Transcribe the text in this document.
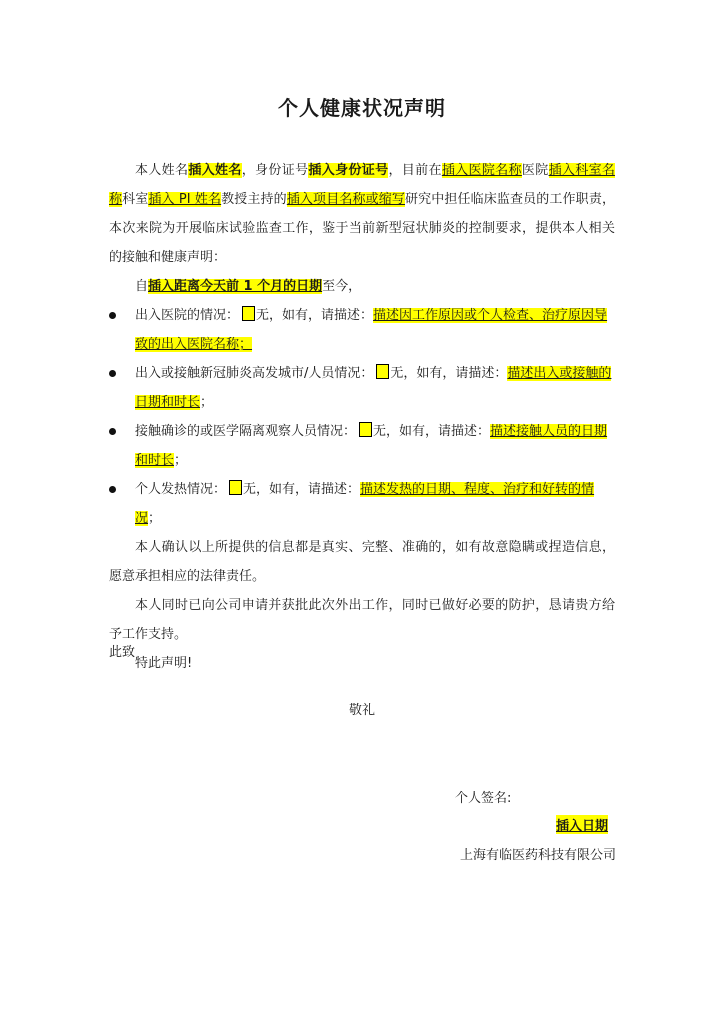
个人健康状况声明

本人姓名插入姓名，身份证号插入身份证号，目前在插入医院名称医院插入科室名称科室插入 PI 姓名教授主持的插入项目名称或缩写研究中担任临床监查员的工作职责，本次来院为开展临床试验监查工作，鉴于当前新型冠状肺炎的控制要求，提供本人相关的接触和健康声明：

自插入距离今天前 1 个月的日期至今，

出入医院的情况： 无，如有，请描述：描述因工作原因或个人检查、治疗原因导致的出入医院名称；

出入或接触新冠肺炎高发城市/人员情况： 无，如有，请描述：描述出入或接触的日期和时长；

接触确诊的或医学隔离观察人员情况： 无，如有，请描述：描述接触人员的日期和时长；

个人发热情况： 无，如有，请描述：描述发热的日期、程度、治疗和好转的情况；

本人确认以上所提供的信息都是真实、完整、准确的，如有故意隐瞒或捏造信息，愿意承担相应的法律责任。

本人同时已向公司申请并获批此次外出工作，同时已做好必要的防护，恳请贵方给予工作支持。

特此声明!

此致
敬礼
个人签名:
插入日期
上海有临医药科技有限公司
